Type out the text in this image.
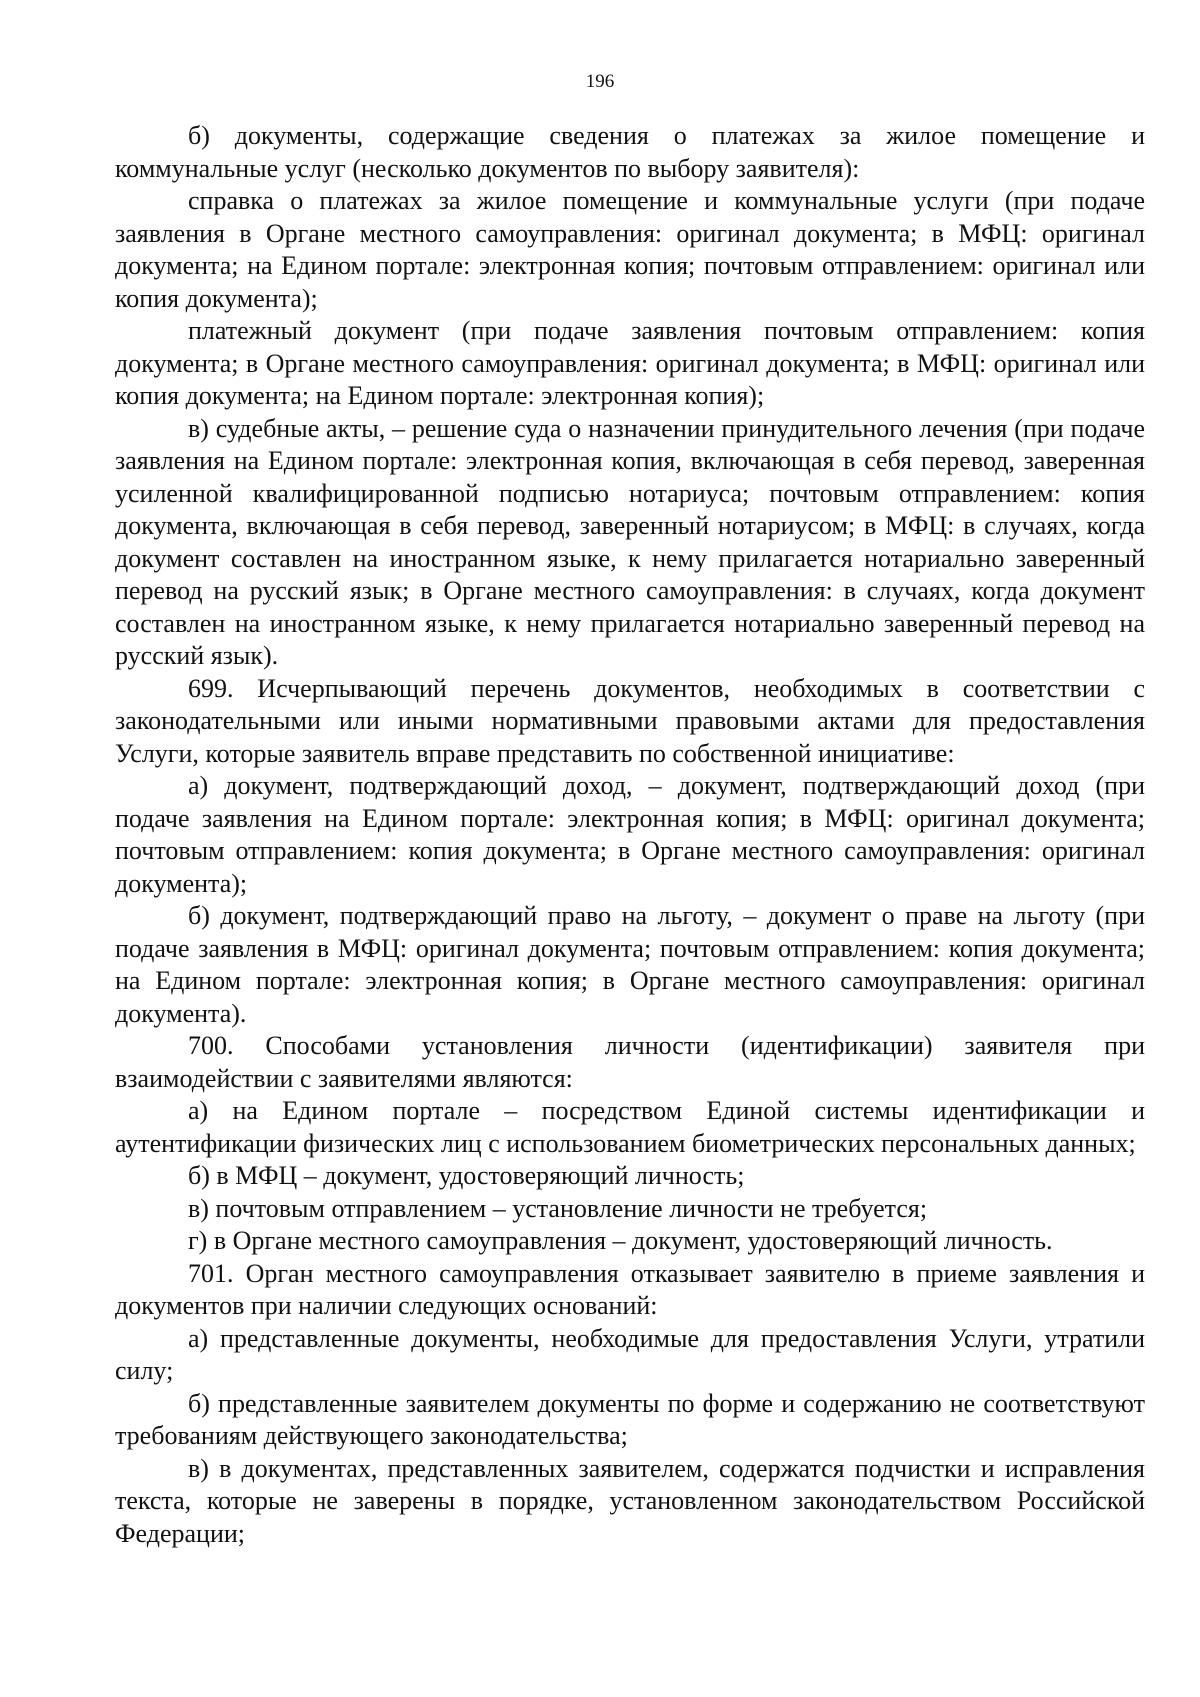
196

б) документы, содержащие сведения о платежах за жилое помещение и коммунальные услуг (несколько документов по выбору заявителя):

справка о платежах за жилое помещение и коммунальные услуги (при подаче заявления в Органе местного самоуправления: оригинал документа; в МФЦ: оригинал документа; на Едином портале: электронная копия; почтовым отправлением: оригинал или копия документа);

платежный документ (при подаче заявления почтовым отправлением: копия документа; в Органе местного самоуправления: оригинал документа; в МФЦ: оригинал или копия документа; на Едином портале: электронная копия);

в) судебные акты, – решение суда о назначении принудительного лечения (при подаче заявления на Едином портале: электронная копия, включающая в себя перевод, заверенная усиленной квалифицированной подписью нотариуса; почтовым отправлением: копия документа, включающая в себя перевод, заверенный нотариусом; в МФЦ: в случаях, когда документ составлен на иностранном языке, к нему прилагается нотариально заверенный перевод на русский язык; в Органе местного самоуправления: в случаях, когда документ составлен на иностранном языке, к нему прилагается нотариально заверенный перевод на русский язык).

699. Исчерпывающий перечень документов, необходимых в соответствии с законодательными или иными нормативными правовыми актами для предоставления Услуги, которые заявитель вправе представить по собственной инициативе:

а) документ, подтверждающий доход, – документ, подтверждающий доход (при подаче заявления на Едином портале: электронная копия; в МФЦ: оригинал документа; почтовым отправлением: копия документа; в Органе местного самоуправления: оригинал документа);

б) документ, подтверждающий право на льготу, – документ о праве на льготу (при подаче заявления в МФЦ: оригинал документа; почтовым отправлением: копия документа; на Едином портале: электронная копия; в Органе местного самоуправления: оригинал документа).

700. Способами установления личности (идентификации) заявителя при взаимодействии с заявителями являются:

а) на Едином портале – посредством Единой системы идентификации и аутентификации физических лиц с использованием биометрических персональных данных;

б) в МФЦ – документ, удостоверяющий личность;

в) почтовым отправлением – установление личности не требуется;

г) в Органе местного самоуправления – документ, удостоверяющий личность.

701. Орган местного самоуправления отказывает заявителю в приеме заявления и документов при наличии следующих оснований:

а) представленные документы, необходимые для предоставления Услуги, утратили силу;

б) представленные заявителем документы по форме и содержанию не соответствуют требованиям действующего законодательства;

в) в документах, представленных заявителем, содержатся подчистки и исправления текста, которые не заверены в порядке, установленном законодательством Российской Федерации;
